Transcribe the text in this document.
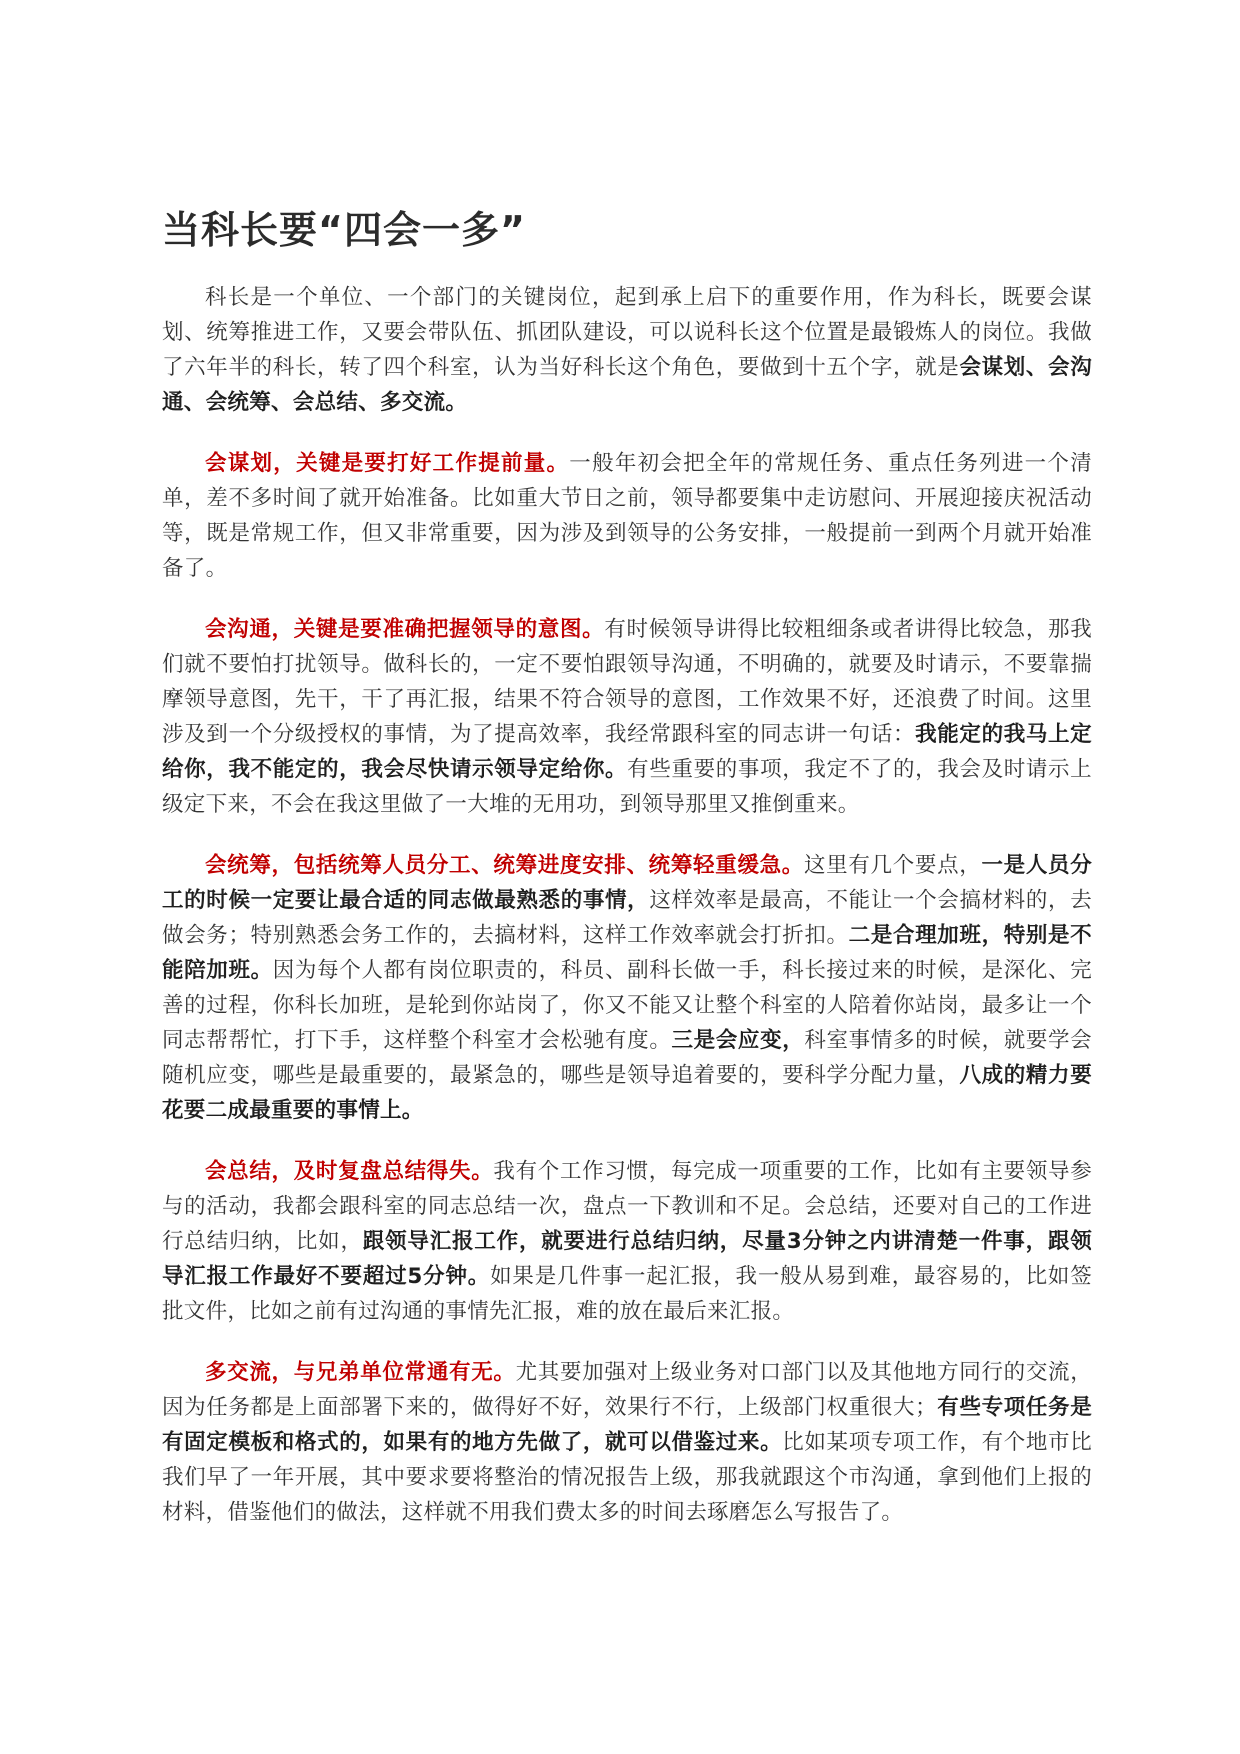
当科长要“四会一多”

科长是一个单位、一个部门的关键岗位，起到承上启下的重要作用，作为科长，既要会谋划、统筹推进工作，又要会带队伍、抓团队建设，可以说科长这个位置是最锻炼人的岗位。我做了六年半的科长，转了四个科室，认为当好科长这个角色，要做到十五个字，就是会谋划、会沟通、会统筹、会总结、多交流。

会谋划，关键是要打好工作提前量。一般年初会把全年的常规任务、重点任务列进一个清单，差不多时间了就开始准备。比如重大节日之前，领导都要集中走访慰问、开展迎接庆祝活动等，既是常规工作，但又非常重要，因为涉及到领导的公务安排，一般提前一到两个月就开始准备了。

会沟通，关键是要准确把握领导的意图。有时候领导讲得比较粗细条或者讲得比较急，那我们就不要怕打扰领导。做科长的，一定不要怕跟领导沟通，不明确的，就要及时请示，不要靠揣摩领导意图，先干，干了再汇报，结果不符合领导的意图，工作效果不好，还浪费了时间。这里涉及到一个分级授权的事情，为了提高效率，我经常跟科室的同志讲一句话：我能定的我马上定给你，我不能定的，我会尽快请示领导定给你。有些重要的事项，我定不了的，我会及时请示上级定下来，不会在我这里做了一大堆的无用功，到领导那里又推倒重来。

会统筹，包括统筹人员分工、统筹进度安排、统筹轻重缓急。这里有几个要点，一是人员分工的时候一定要让最合适的同志做最熟悉的事情，这样效率是最高，不能让一个会搞材料的，去做会务；特别熟悉会务工作的，去搞材料，这样工作效率就会打折扣。二是合理加班，特别是不能陪加班。因为每个人都有岗位职责的，科员、副科长做一手，科长接过来的时候，是深化、完善的过程，你科长加班，是轮到你站岗了，你又不能又让整个科室的人陪着你站岗，最多让一个同志帮帮忙，打下手，这样整个科室才会松驰有度。三是会应变，科室事情多的时候，就要学会随机应变，哪些是最重要的，最紧急的，哪些是领导追着要的，要科学分配力量，八成的精力要花要二成最重要的事情上。

会总结，及时复盘总结得失。我有个工作习惯，每完成一项重要的工作，比如有主要领导参与的活动，我都会跟科室的同志总结一次，盘点一下教训和不足。会总结，还要对自己的工作进行总结归纳，比如，跟领导汇报工作，就要进行总结归纳，尽量3分钟之内讲清楚一件事，跟领导汇报工作最好不要超过5分钟。如果是几件事一起汇报，我一般从易到难，最容易的，比如签批文件，比如之前有过沟通的事情先汇报，难的放在最后来汇报。

多交流，与兄弟单位常通有无。尤其要加强对上级业务对口部门以及其他地方同行的交流，因为任务都是上面部署下来的，做得好不好，效果行不行，上级部门权重很大；有些专项任务是有固定模板和格式的，如果有的地方先做了，就可以借鉴过来。比如某项专项工作，有个地市比我们早了一年开展，其中要求要将整治的情况报告上级，那我就跟这个市沟通，拿到他们上报的材料，借鉴他们的做法，这样就不用我们费太多的时间去琢磨怎么写报告了。
